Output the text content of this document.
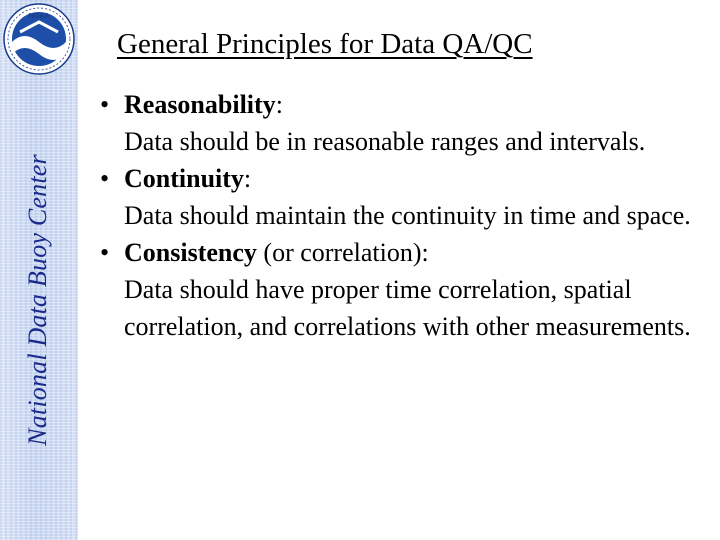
NOAA
National Data Buoy Center
General Principles for Data QA/QC
• Reasonability:
Data should be in reasonable ranges and intervals.
• Continuity:
Data should maintain the continuity in time and space.
• Consistency (or correlation):
Data should have proper time correlation, spatial correlation, and correlations with other measurements.
